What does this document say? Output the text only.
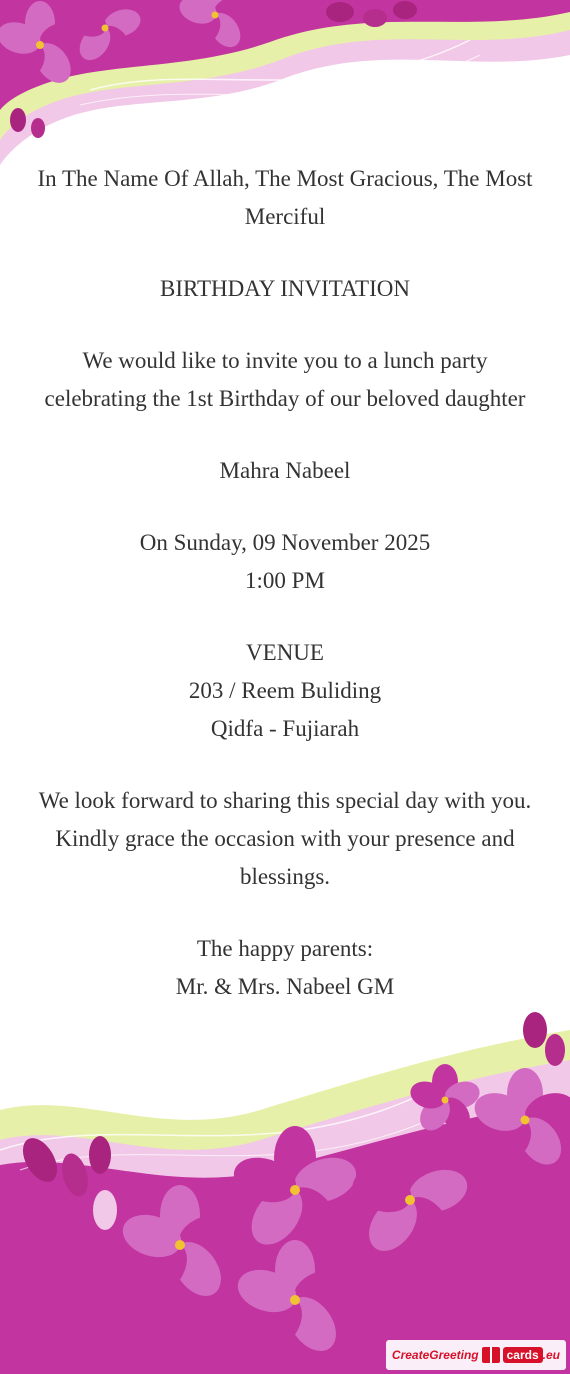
In The Name Of Allah, The Most Gracious, The Most
Merciful

BIRTHDAY INVITATION

We would like to invite you to a lunch party
celebrating the 1st Birthday of our beloved daughter

Mahra Nabeel

On Sunday, 09 November 2025
1:00 PM

VENUE
203 / Reem Buliding
Qidfa - Fujiarah

We look forward to sharing this special day with you.
Kindly grace the occasion with your presence and
blessings.

The happy parents:
Mr. & Mrs. Nabeel GM

CreateGreeting	cards .eu
